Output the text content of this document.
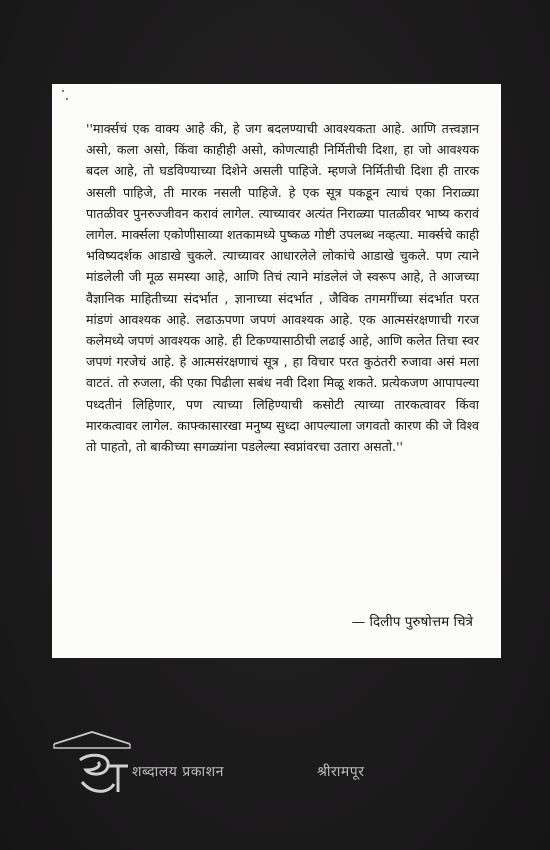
''मार्क्सचं एक वाक्य आहे की, हे जग बदलण्याची आवश्यकता आहे. आणि तत्त्वज्ञान असो, कला असो, किंवा काहीही असो, कोणत्याही निर्मितीची दिशा, हा जो आवश्यक बदल आहे, तो घडविण्याच्या दिशेने असली पाहिजे. म्हणजे निर्मितीची दिशा ही तारक असली पाहिजे, ती मारक नसली पाहिजे. हे एक सूत्र पकडून त्याचं एका निराळ्या पातळीवर पुनरुज्जीवन करावं लागेल. त्याच्यावर अत्यंत निराळ्या पातळीवर भाष्य करावं लागेल. मार्क्सला एकोणीसाव्या शतकामध्ये पुष्कळ गोष्टी उपलब्ध नव्हत्या. मार्क्सचे काही भविष्यदर्शक आडाखे चुकले. त्याच्यावर आधारलेले लोकांचे आडाखे चुकले. पण त्याने मांडलेली जी मूळ समस्या आहे, आणि तिचं त्याने मांडलेलं जे स्वरूप आहे, ते आजच्या वैज्ञानिक माहितीच्या संदर्भात , ज्ञानाच्या संदर्भात , जैविक तगमगींच्या संदर्भात परत मांडणं आवश्यक आहे. लढाऊपणा जपणं आवश्यक आहे. एक आत्मसंरक्षणाची गरज कलेमध्ये जपणं आवश्यक आहे. ही टिकण्यासाठीची लढाई आहे, आणि कलेत तिचा स्वर जपणं गरजेचं आहे. हे आत्मसंरक्षणाचं सूत्र , हा विचार परत कुठंतरी रुजावा असं मला वाटतं. तो रुजला, की एका पिढीला सबंध नवी दिशा मिळू शकते. प्रत्येकजण आपापल्या पध्दतीनं लिहिणार, पण त्याच्या लिहिण्याची कसोटी त्याच्या तारकत्वावर किंवा मारकत्वावर लागेल. काफ्कासारखा मनुष्य सुध्दा आपल्याला जगवतो कारण की जे विश्व तो पाहतो, तो बाकीच्या सगळ्यांना पडलेल्या स्वप्नांवरचा उतारा असतो.''

— दिलीप पुरुषोत्तम चित्रे
शब्दालय प्रकाशन	श्रीरामपूर
